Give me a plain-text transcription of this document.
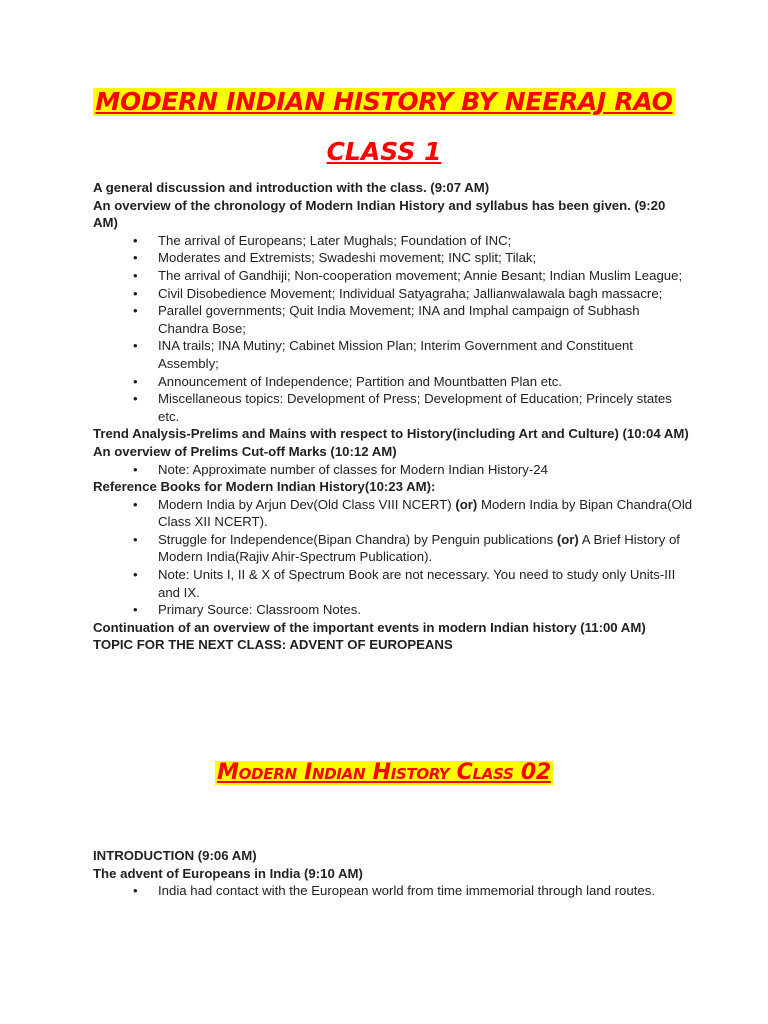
MODERN INDIAN HISTORY BY NEERAJ RAO
CLASS 1

A general discussion and introduction with the class. (9:07 AM)

An overview of the chronology of Modern Indian History and syllabus has been given. (9:20 AM)

• The arrival of Europeans; Later Mughals; Foundation of INC;
• Moderates and Extremists; Swadeshi movement; INC split; Tilak;
• The arrival of Gandhiji; Non-cooperation movement; Annie Besant; Indian Muslim League;
• Civil Disobedience Movement; Individual Satyagraha; Jallianwalawala bagh massacre;
• Parallel governments; Quit India Movement; INA and Imphal campaign of Subhash Chandra Bose;
• INA trails; INA Mutiny; Cabinet Mission Plan; Interim Government and Constituent Assembly;
• Announcement of Independence; Partition and Mountbatten Plan etc.
• Miscellaneous topics: Development of Press; Development of Education; Princely states etc.

Trend Analysis-Prelims and Mains with respect to History(including Art and Culture) (10:04 AM)

An overview of Prelims Cut-off Marks (10:12 AM)

• Note: Approximate number of classes for Modern Indian History-24

Reference Books for Modern Indian History(10:23 AM):

• Modern India by Arjun Dev(Old Class VIII NCERT) (or) Modern India by Bipan Chandra(Old Class XII NCERT).
• Struggle for Independence(Bipan Chandra) by Penguin publications (or) A Brief History of Modern India(Rajiv Ahir-Spectrum Publication).
• Note: Units I, II & X of Spectrum Book are not necessary. You need to study only Units-III and IX.
• Primary Source: Classroom Notes.

Continuation of an overview of the important events in modern Indian history (11:00 AM)

TOPIC FOR THE NEXT CLASS: ADVENT OF EUROPEANS

Modern Indian History Class 02

INTRODUCTION (9:06 AM)

The advent of Europeans in India (9:10 AM)

• India had contact with the European world from time immemorial through land routes.
